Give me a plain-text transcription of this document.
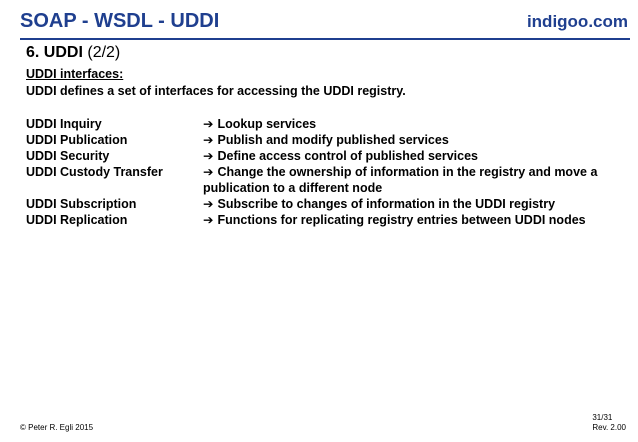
SOAP - WSDL - UDDI	indigoo.com
6. UDDI (2/2)
UDDI interfaces:
UDDI defines a set of interfaces for accessing the UDDI registry.
UDDI Inquiry	➔ Lookup services
UDDI Publication	➔ Publish and modify published services
UDDI Security	➔ Define access control of published services
UDDI Custody Transfer	➔ Change the ownership of information in the registry and move a publication to a different node
UDDI Subscription	➔ Subscribe to changes of information in the UDDI registry
UDDI Replication	➔ Functions for replicating registry entries between UDDI nodes
© Peter R. Egli 2015
31/31
Rev. 2.00
